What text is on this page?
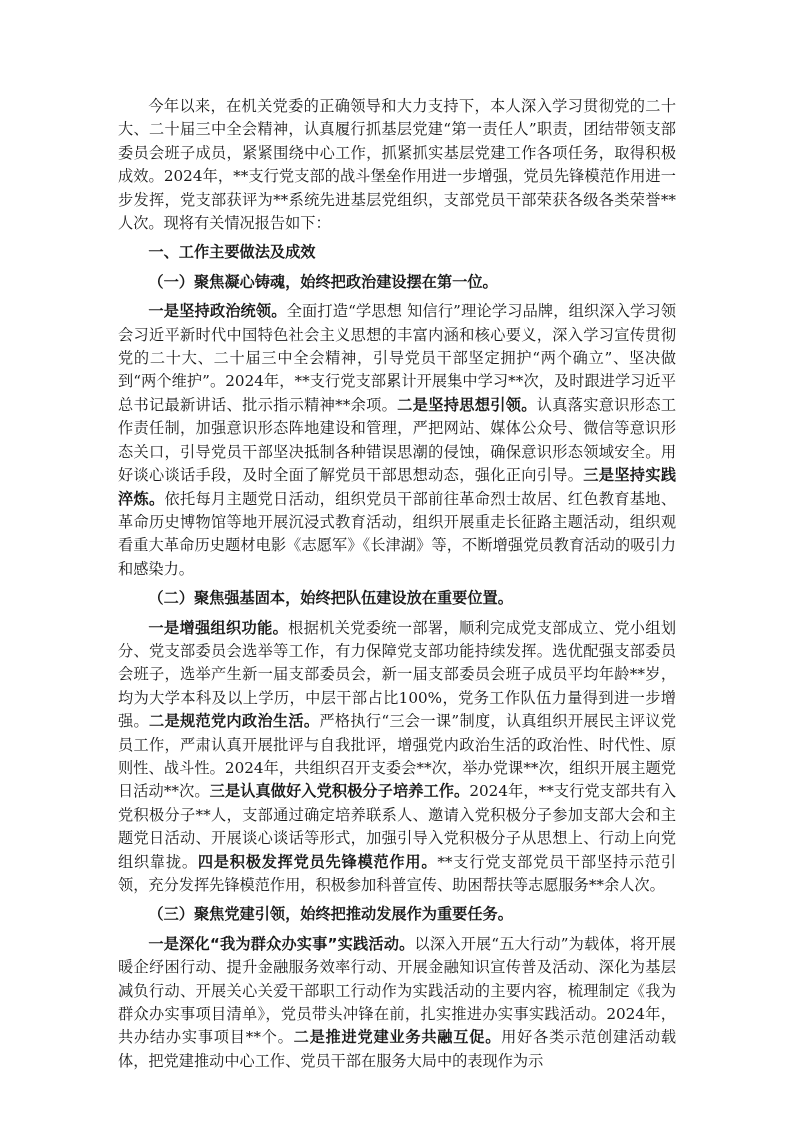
今年以来，在机关党委的正确领导和大力支持下，本人深入学习贯彻党的二十大、二十届三中全会精神，认真履行抓基层党建“第一责任人”职责，团结带领支部委员会班子成员，紧紧围绕中心工作，抓紧抓实基层党建工作各项任务，取得积极成效。2024年，**支行党支部的战斗堡垒作用进一步增强，党员先锋模范作用进一步发挥，党支部获评为**系统先进基层党组织，支部党员干部荣获各级各类荣誉**人次。现将有关情况报告如下：

一、工作主要做法及成效

（一）聚焦凝心铸魂，始终把政治建设摆在第一位。

一是坚持政治统领。全面打造“学思想 知信行”理论学习品牌，组织深入学习领会习近平新时代中国特色社会主义思想的丰富内涵和核心要义，深入学习宣传贯彻党的二十大、二十届三中全会精神，引导党员干部坚定拥护“两个确立”、坚决做到“两个维护”。2024年，**支行党支部累计开展集中学习**次，及时跟进学习近平总书记最新讲话、批示指示精神**余项。二是坚持思想引领。认真落实意识形态工作责任制，加强意识形态阵地建设和管理，严把网站、媒体公众号、微信等意识形态关口，引导党员干部坚决抵制各种错误思潮的侵蚀，确保意识形态领域安全。用好谈心谈话手段，及时全面了解党员干部思想动态，强化正向引导。三是坚持实践淬炼。依托每月主题党日活动，组织党员干部前往革命烈士故居、红色教育基地、革命历史博物馆等地开展沉浸式教育活动，组织开展重走长征路主题活动，组织观看重大革命历史题材电影《志愿军》《长津湖》等，不断增强党员教育活动的吸引力和感染力。

（二）聚焦强基固本，始终把队伍建设放在重要位置。

一是增强组织功能。根据机关党委统一部署，顺利完成党支部成立、党小组划分、党支部委员会选举等工作，有力保障党支部功能持续发挥。选优配强支部委员会班子，选举产生新一届支部委员会，新一届支部委员会班子成员平均年龄**岁，均为大学本科及以上学历，中层干部占比100%，党务工作队伍力量得到进一步增强。二是规范党内政治生活。严格执行“三会一课”制度，认真组织开展民主评议党员工作，严肃认真开展批评与自我批评，增强党内政治生活的政治性、时代性、原则性、战斗性。2024年，共组织召开支委会**次，举办党课**次，组织开展主题党日活动**次。三是认真做好入党积极分子培养工作。2024年，**支行党支部共有入党积极分子**人，支部通过确定培养联系人、邀请入党积极分子参加支部大会和主题党日活动、开展谈心谈话等形式，加强引导入党积极分子从思想上、行动上向党组织靠拢。四是积极发挥党员先锋模范作用。**支行党支部党员干部坚持示范引领，充分发挥先锋模范作用，积极参加科普宣传、助困帮扶等志愿服务**余人次。

（三）聚焦党建引领，始终把推动发展作为重要任务。

一是深化“我为群众办实事”实践活动。以深入开展“五大行动”为载体，将开展暖企纾困行动、提升金融服务效率行动、开展金融知识宣传普及活动、深化为基层减负行动、开展关心关爱干部职工行动作为实践活动的主要内容，梳理制定《我为群众办实事项目清单》，党员带头冲锋在前，扎实推进办实事实践活动。2024年，共办结办实事项目**个。二是推进党建业务共融互促。用好各类示范创建活动载体，把党建推动中心工作、党员干部在服务大局中的表现作为示
